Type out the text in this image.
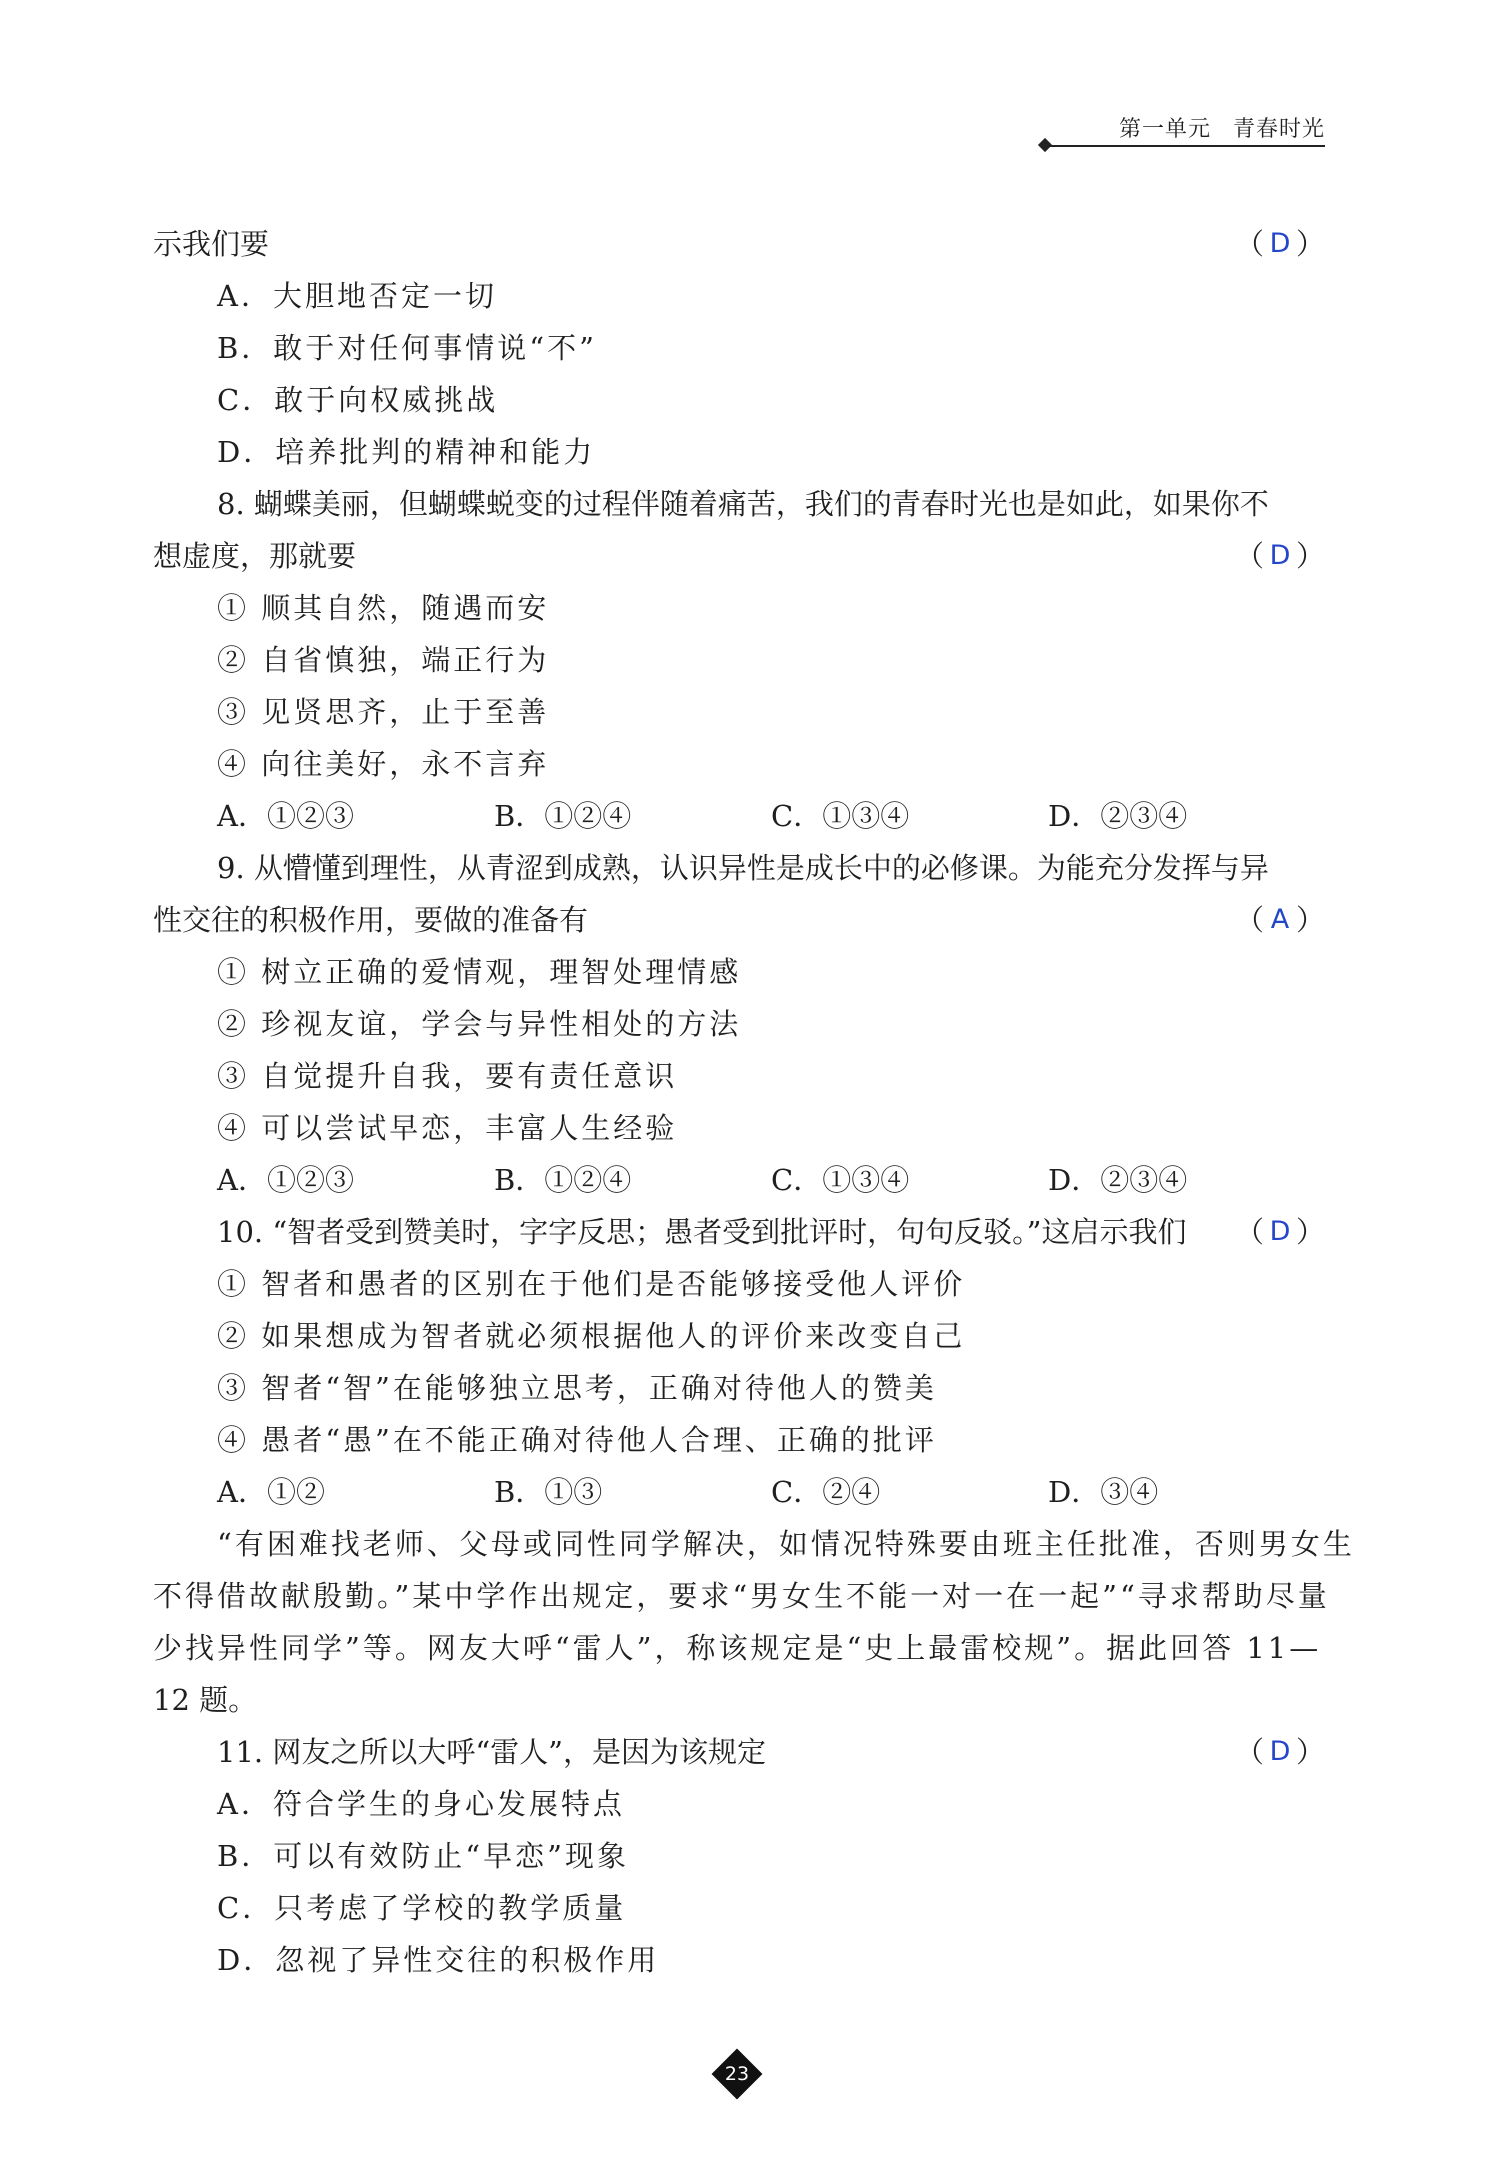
第一单元 青春时光
示我们要	（ D ）
A．大胆地否定一切
B．敢于对任何事情说“不”
C．敢于向权威挑战
D．培养批判的精神和能力
8. 蝴蝶美丽，但蝴蝶蜕变的过程伴随着痛苦，我们的青春时光也是如此，如果你不
想虚度，那就要	（ D ）
① 顺其自然，随遇而安
② 自省慎独，端正行为
③ 见贤思齐，止于至善
④ 向往美好，永不言弃
A．①②③	B．①②④	C．①③④	D．②③④
9. 从懵懂到理性，从青涩到成熟，认识异性是成长中的必修课。为能充分发挥与异
性交往的积极作用，要做的准备有	（ A ）
① 树立正确的爱情观，理智处理情感
② 珍视友谊，学会与异性相处的方法
③ 自觉提升自我，要有责任意识
④ 可以尝试早恋，丰富人生经验
A．①②③	B．①②④	C．①③④	D．②③④
10. “智者受到赞美时，字字反思；愚者受到批评时，句句反驳。”这启示我们 （ D ）
① 智者和愚者的区别在于他们是否能够接受他人评价
② 如果想成为智者就必须根据他人的评价来改变自己
③ 智者“智”在能够独立思考，正确对待他人的赞美
④ 愚者“愚”在不能正确对待他人合理、正确的批评
A．①②	B．①③	C．②④	D．③④
“有困难找老师、父母或同性同学解决，如情况特殊要由班主任批准，否则男女生
不得借故献殷勤。”某中学作出规定，要求“男女生不能一对一在一起”“寻求帮助尽量
少找异性同学”等。网友大呼“雷人”，称该规定是“史上最雷校规”。据此回答 11—
12 题。
11. 网友之所以大呼“雷人”，是因为该规定	（ D ）
A．符合学生的身心发展特点
B．可以有效防止“早恋”现象
C．只考虑了学校的教学质量
D．忽视了异性交往的积极作用
23
